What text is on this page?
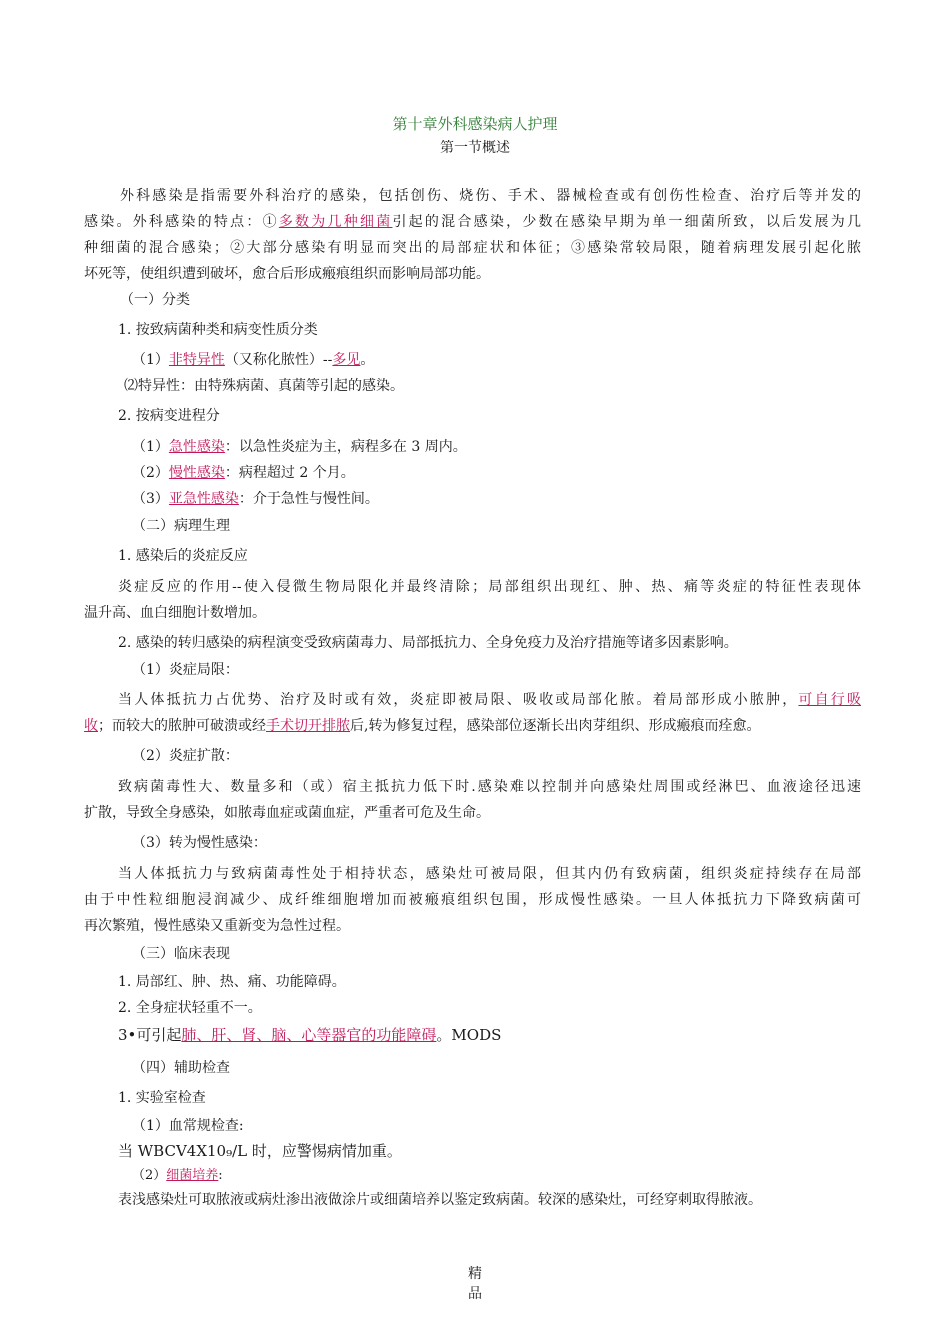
第十章外科感染病人护理
第一节概述
外科感染是指需要外科治疗的感染，包括创伤、烧伤、手术、器械检查或有创伤性检查、治疗后等并发的
感染。外科感染的特点：①多数为几种细菌引起的混合感染，少数在感染早期为单一细菌所致，以后发展为几
种细菌的混合感染；②大部分感染有明显而突出的局部症状和体征；③感染常较局限，随着病理发展引起化脓
坏死等，使组织遭到破坏，愈合后形成瘢痕组织而影响局部功能。
（一）分类
1. 按致病菌种类和病变性质分类
（1）非特异性（又称化脓性）--多见。
⑵特异性：由特殊病菌、真菌等引起的感染。
2. 按病变进程分
（1）急性感染：以急性炎症为主，病程多在 3 周内。
（2）慢性感染：病程超过 2 个月。
（3）亚急性感染：介于急性与慢性间。
（二）病理生理
1. 感染后的炎症反应
炎症反应的作用--使入侵微生物局限化并最终清除；局部组织出现红、肿、热、痛等炎症的特征性表现体
温升高、血白细胞计数增加。
2. 感染的转归感染的病程演变受致病菌毒力、局部抵抗力、全身免疫力及治疗措施等诸多因素影响。
（1）炎症局限：
当人体抵抗力占优势、治疗及时或有效，炎症即被局限、吸收或局部化脓。着局部形成小脓肿，可自行吸
收；而较大的脓肿可破溃或经手术切开排脓后,转为修复过程，感染部位逐渐长出肉芽组织、形成瘢痕而痊愈。
（2）炎症扩散：
致病菌毒性大、数量多和（或）宿主抵抗力低下时.感染难以控制并向感染灶周围或经淋巴、血液途径迅速
扩散，导致全身感染，如脓毒血症或菌血症，严重者可危及生命。
（3）转为慢性感染：
当人体抵抗力与致病菌毒性处于相持状态，感染灶可被局限，但其内仍有致病菌，组织炎症持续存在局部
由于中性粒细胞浸润减少、成纤维细胞增加而被瘢痕组织包围，形成慢性感染。一旦人体抵抗力下降致病菌可
再次繁殖，慢性感染又重新变为急性过程。
（三）临床表现
1. 局部红、肿、热、痛、功能障碍。
2. 全身症状轻重不一。
3•可引起肺、肝、肾、脑、心等器官的功能障碍。MODS
（四）辅助检查
1. 实验室检查
（1）血常规检查:
当 WBCV4X10₉/L 时，应警惕病情加重。
（2）细菌培养:
表浅感染灶可取脓液或病灶渗出液做涂片或细菌培养以鉴定致病菌。较深的感染灶，可经穿刺取得脓液。
精
品
